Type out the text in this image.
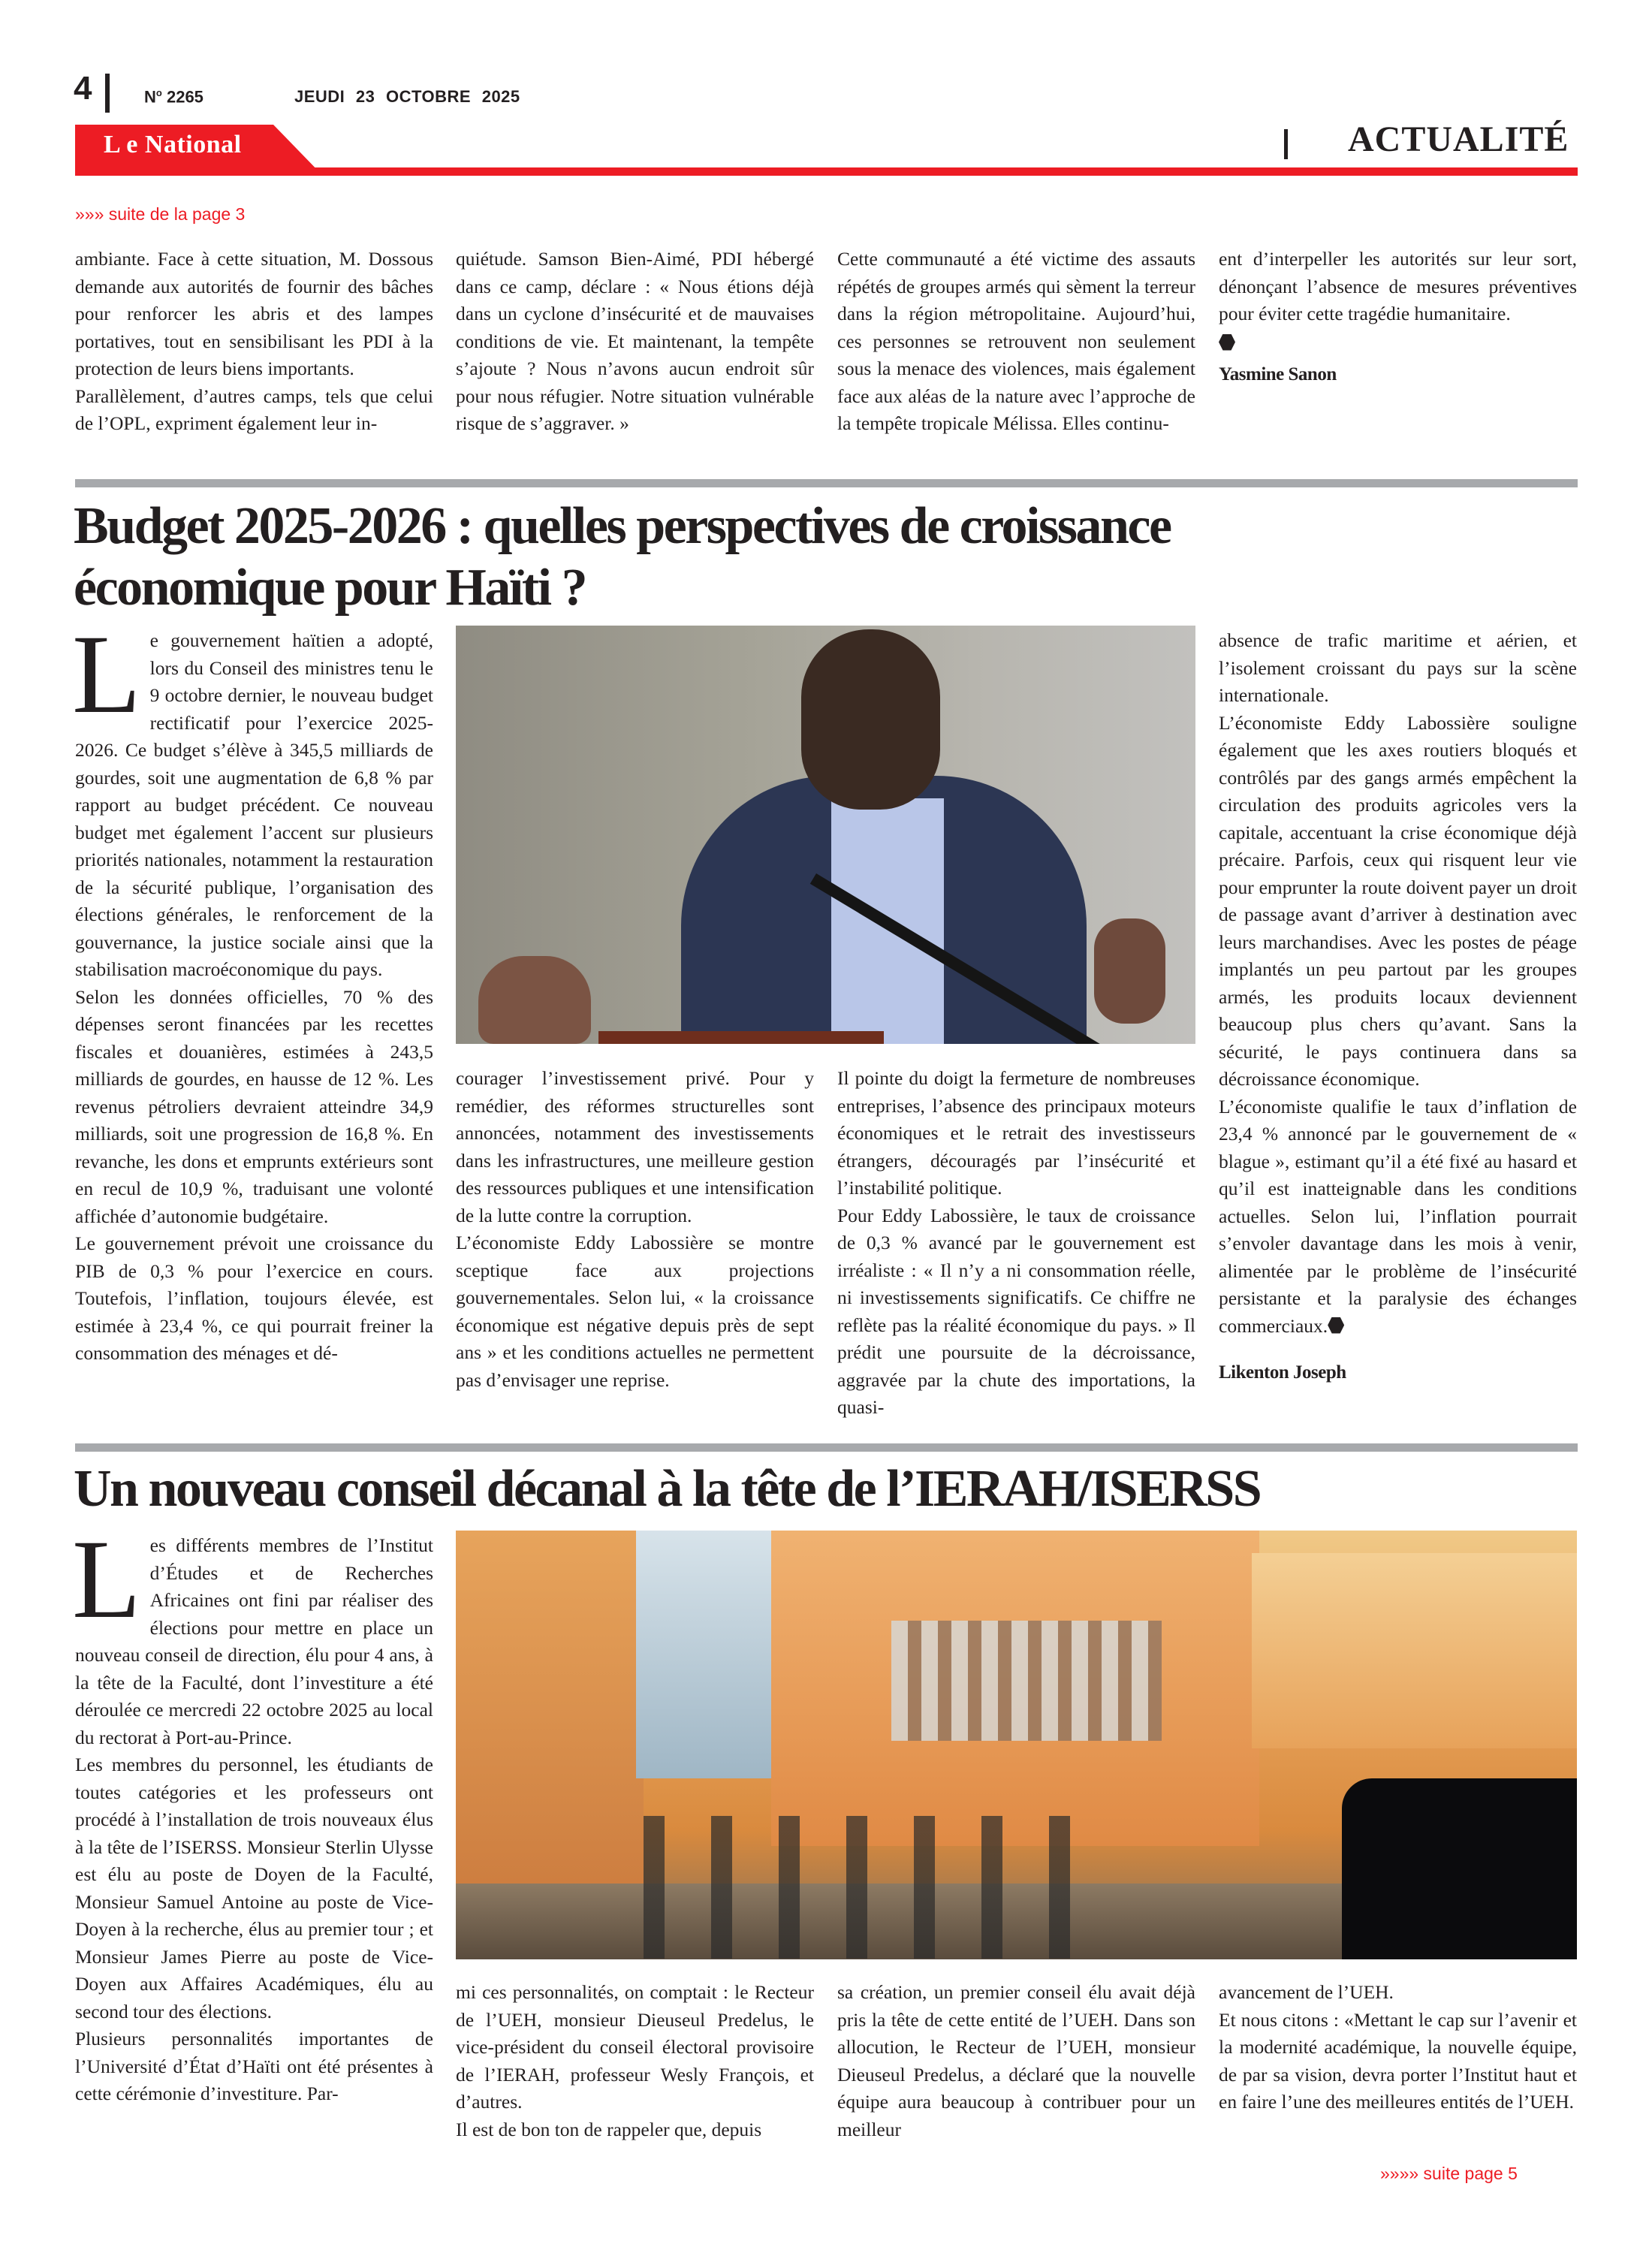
4	$N^o$ 2265	JEUDI 23 OCTOBRE 2025
L e National	ACTUALITÉ
»»» suite de la page 3

ambiante. Face à cette situation, M. Dossous demande aux autorités de fournir des bâches pour renforcer les abris et des lampes portatives, tout en sensibilisant les PDI à la protection de leurs biens importants.

Parallèlement, d’autres camps, tels que celui de l’OPL, expriment également leur in-

quiétude. Samson Bien-Aimé, PDI hébergé dans ce camp, déclare : « Nous étions déjà dans un cyclone d’insécurité et de mauvaises conditions de vie. Et maintenant, la tempête s’ajoute ? Nous n’avons aucun endroit sûr pour nous réfugier. Notre situation vulnérable risque de s’aggraver. »

Cette communauté a été victime des assauts répétés de groupes armés qui sèment la terreur dans la région métropolitaine. Aujourd’hui, ces personnes se retrouvent non seulement sous la menace des violences, mais également face aux aléas de la nature avec l’approche de la tempête tropicale Mélissa. Elles continu-

ent d’interpeller les autorités sur leur sort, dénonçant l’absence de mesures préventives pour éviter cette tragédie humanitaire.

Yasmine Sanon

Budget 2025-2026 : quelles perspectives de croissance
économique pour Haïti ?

Le gouvernement haïtien a adopté, lors du Conseil des ministres tenu le 9 octobre dernier, le nouveau budget rectificatif pour l’exercice 2025-2026. Ce budget s’élève à 345,5 milliards de gourdes, soit une augmentation de 6,8 % par rapport au budget précédent. Ce nouveau budget met également l’accent sur plusieurs priorités nationales, notamment la restauration de la sécurité publique, l’organisation des élections générales, le renforcement de la gouvernance, la justice sociale ainsi que la stabilisation macroéconomique du pays.

Selon les données officielles, 70 % des dépenses seront financées par les recettes fiscales et douanières, estimées à 243,5 milliards de gourdes, en hausse de 12 %. Les revenus pétroliers devraient atteindre 34,9 milliards, soit une progression de 16,8 %. En revanche, les dons et emprunts extérieurs sont en recul de 10,9 %, traduisant une volonté affichée d’autonomie budgétaire.

Le gouvernement prévoit une croissance du PIB de 0,3 % pour l’exercice en cours. Toutefois, l’inflation, toujours élevée, est estimée à 23,4 %, ce qui pourrait freiner la consommation des ménages et dé-

courager l’investissement privé. Pour y remédier, des réformes structurelles sont annoncées, notamment des investissements dans les infrastructures, une meilleure gestion des ressources publiques et une intensification de la lutte contre la corruption.

L’économiste Eddy Labossière se montre sceptique face aux projections gouvernementales. Selon lui, « la croissance économique est négative depuis près de sept ans » et les conditions actuelles ne permettent pas d’envisager une reprise.

Il pointe du doigt la fermeture de nombreuses entreprises, l’absence des principaux moteurs économiques et le retrait des investisseurs étrangers, découragés par l’insécurité et l’instabilité politique.

Pour Eddy Labossière, le taux de croissance de 0,3 % avancé par le gouvernement est irréaliste : « Il n’y a ni consommation réelle, ni investissements significatifs. Ce chiffre ne reflète pas la réalité économique du pays. » Il prédit une poursuite de la décroissance, aggravée par la chute des importations, la quasi-

absence de trafic maritime et aérien, et l’isolement croissant du pays sur la scène internationale.

L’économiste Eddy Labossière souligne également que les axes routiers bloqués et contrôlés par des gangs armés empêchent la circulation des produits agricoles vers la capitale, accentuant la crise économique déjà précaire. Parfois, ceux qui risquent leur vie pour emprunter la route doivent payer un droit de passage avant d’arriver à destination avec leurs marchandises. Avec les postes de péage implantés un peu partout par les groupes armés, les produits locaux deviennent beaucoup plus chers qu’avant. Sans la sécurité, le pays continuera dans sa décroissance économique.

L’économiste qualifie le taux d’inflation de 23,4 % annoncé par le gouvernement de « blague », estimant qu’il a été fixé au hasard et qu’il est inatteignable dans les conditions actuelles. Selon lui, l’inflation pourrait s’envoler davantage dans les mois à venir, alimentée par le problème de l’insécurité persistante et la paralysie des échanges commerciaux.

Likenton Joseph

Un nouveau conseil décanal à la tête de l’IERAH/ISERSS

Les différents membres de l’Institut d’Études et de Recherches Africaines ont fini par réaliser des élections pour mettre en place un nouveau conseil de direction, élu pour 4 ans, à la tête de la Faculté, dont l’investiture a été déroulée ce mercredi 22 octobre 2025 au local du rectorat à Port-au-Prince.

Les membres du personnel, les étudiants de toutes catégories et les professeurs ont procédé à l’installation de trois nouveaux élus à la tête de l’ISERSS. Monsieur Sterlin Ulysse est élu au poste de Doyen de la Faculté, Monsieur Samuel Antoine au poste de Vice-Doyen à la recherche, élus au premier tour ; et Monsieur James Pierre au poste de Vice-Doyen aux Affaires Académiques, élu au second tour des élections.

Plusieurs personnalités importantes de l’Université d’État d’Haïti ont été présentes à cette cérémonie d’investiture. Par-

mi ces personnalités, on comptait : le Recteur de l’UEH, monsieur Dieuseul Predelus, le vice-président du conseil électoral provisoire de l’IERAH, professeur Wesly François, et d’autres.

Il est de bon ton de rappeler que, depuis

sa création, un premier conseil élu avait déjà pris la tête de cette entité de l’UEH. Dans son allocution, le Recteur de l’UEH, monsieur Dieuseul Predelus, a déclaré que la nouvelle équipe aura beaucoup à contribuer pour un meilleur

avancement de l’UEH.

Et nous citons : «Mettant le cap sur l’avenir et la modernité académique, la nouvelle équipe, de par sa vision, devra porter l’Institut haut et en faire l’une des meilleures entités de l’UEH.

»»»» suite page 5
